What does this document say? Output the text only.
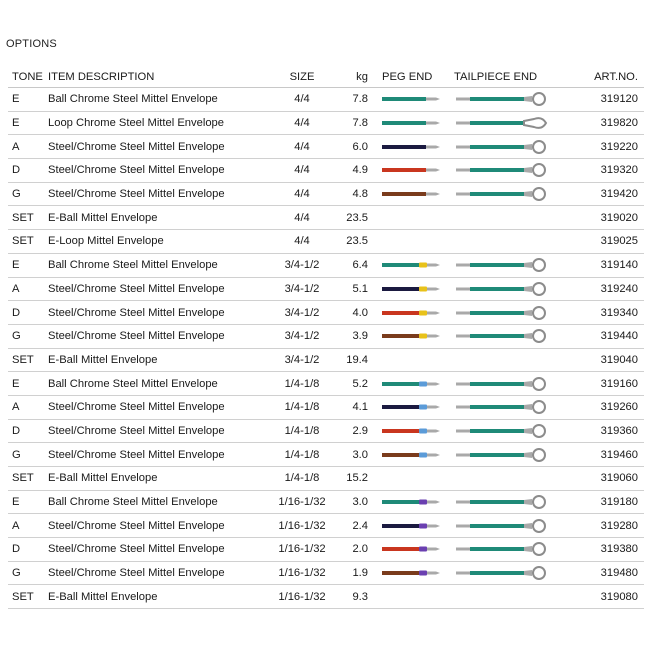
OPTIONS
TONE	ITEM DESCRIPTION	SIZE	kg	PEG END	TAILPIECE END	ART.NO.
E	Ball Chrome Steel Mittel Envelope	4/4	7.8			319120
E	Loop Chrome Steel Mittel Envelope	4/4	7.8			319820
A	Steel/Chrome Steel Mittel Envelope	4/4	6.0			319220
D	Steel/Chrome Steel Mittel Envelope	4/4	4.9			319320
G	Steel/Chrome Steel Mittel Envelope	4/4	4.8			319420
SET	E-Ball Mittel Envelope	4/4	23.5			319020
SET	E-Loop Mittel Envelope	4/4	23.5			319025
E	Ball Chrome Steel Mittel Envelope	3/4-1/2	6.4			319140
A	Steel/Chrome Steel Mittel Envelope	3/4-1/2	5.1			319240
D	Steel/Chrome Steel Mittel Envelope	3/4-1/2	4.0			319340
G	Steel/Chrome Steel Mittel Envelope	3/4-1/2	3.9			319440
SET	E-Ball Mittel Envelope	3/4-1/2	19.4			319040
E	Ball Chrome Steel Mittel Envelope	1/4-1/8	5.2			319160
A	Steel/Chrome Steel Mittel Envelope	1/4-1/8	4.1			319260
D	Steel/Chrome Steel Mittel Envelope	1/4-1/8	2.9			319360
G	Steel/Chrome Steel Mittel Envelope	1/4-1/8	3.0			319460
SET	E-Ball Mittel Envelope	1/4-1/8	15.2			319060
E	Ball Chrome Steel Mittel Envelope	1/16-1/32	3.0			319180
A	Steel/Chrome Steel Mittel Envelope	1/16-1/32	2.4			319280
D	Steel/Chrome Steel Mittel Envelope	1/16-1/32	2.0			319380
G	Steel/Chrome Steel Mittel Envelope	1/16-1/32	1.9			319480
SET	E-Ball Mittel Envelope	1/16-1/32	9.3			319080
